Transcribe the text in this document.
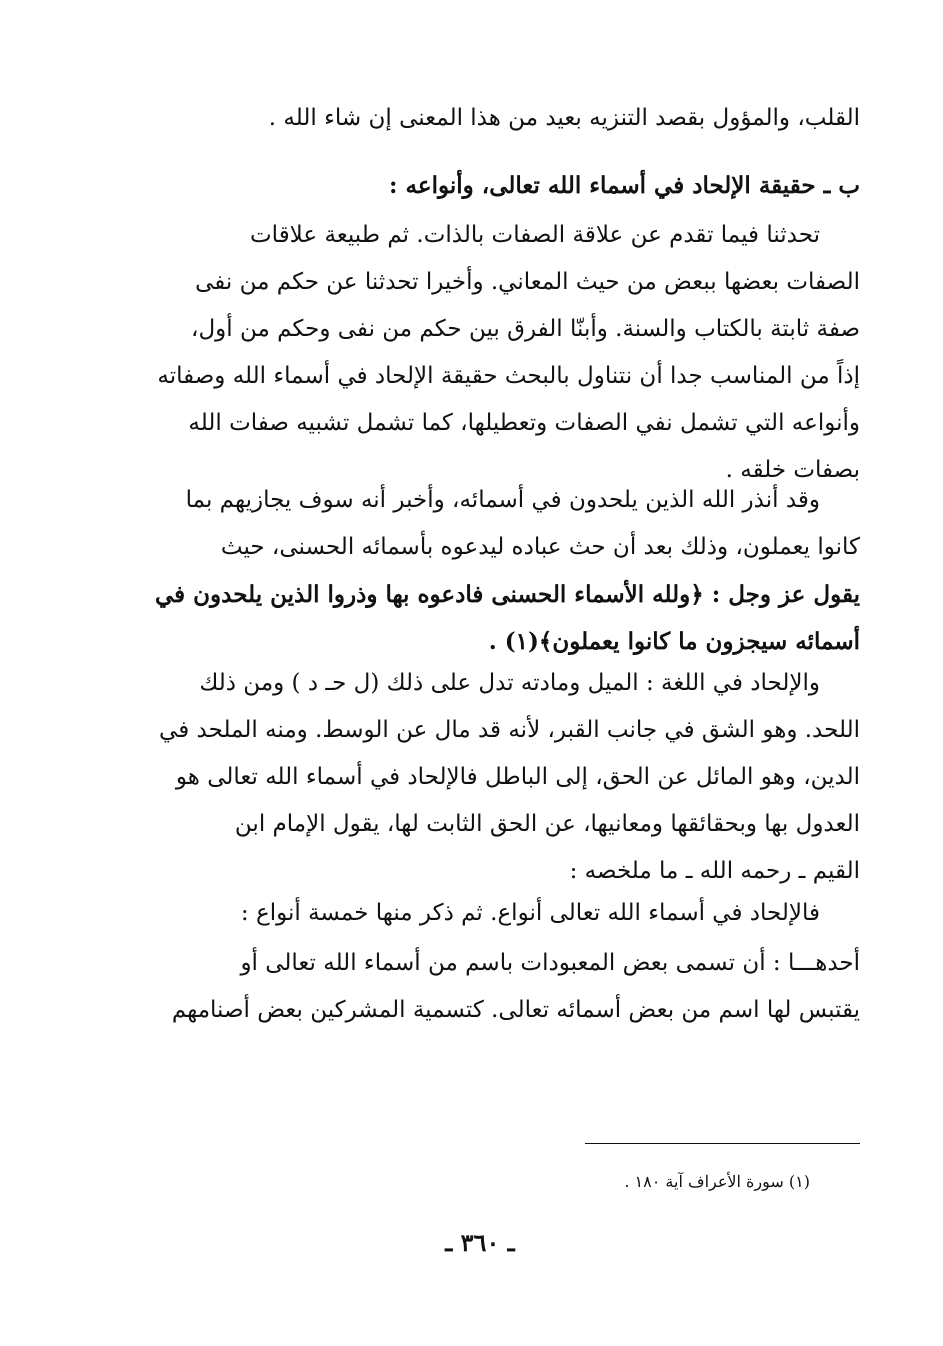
القلب، والمؤول بقصد التنزيه بعيد من هذا المعنى إن شاء الله .

ب ـ حقيقة الإلحاد في أسماء الله تعالى، وأنواعه :

تحدثنا فيما تقدم عن علاقة الصفات بالذات. ثم طبيعة علاقات
الصفات بعضها ببعض من حيث المعاني. وأخيرا تحدثنا عن حكم من نفى
صفة ثابتة بالكتاب والسنة. وأبنّا الفرق بين حكم من نفى وحكم من أول،
إذاً من المناسب جدا أن نتناول بالبحث حقيقة الإلحاد في أسماء الله وصفاته
وأنواعه التي تشمل نفي الصفات وتعطيلها، كما تشمل تشبيه صفات الله
بصفات خلقه .

وقد أنذر الله الذين يلحدون في أسمائه، وأخبر أنه سوف يجازيهم بما
كانوا يعملون، وذلك بعد أن حث عباده ليدعوه بأسمائه الحسنى، حيث
يقول عز وجل : ﴿ولله الأسماء الحسنى فادعوه بها وذروا الذين يلحدون في
أسمائه سيجزون ما كانوا يعملون﴾(١) .

والإلحاد في اللغة : الميل ومادته تدل على ذلك (ل حـ د ) ومن ذلك
اللحد. وهو الشق في جانب القبر، لأنه قد مال عن الوسط. ومنه الملحد في
الدين، وهو المائل عن الحق، إلى الباطل فالإلحاد في أسماء الله تعالى هو
العدول بها وبحقائقها ومعانيها، عن الحق الثابت لها، يقول الإمام ابن
القيم ـ رحمه الله ـ ما ملخصه :

فالإلحاد في أسماء الله تعالى أنواع. ثم ذكر منها خمسة أنواع :

أحدهـــا : أن تسمى بعض المعبودات باسم من أسماء الله تعالى أو
يقتبس لها اسم من بعض أسمائه تعالى. كتسمية المشركين بعض أصنامهم

(١) سورة الأعراف آية ١٨٠ .

ـ ٣٦٠ ـ
